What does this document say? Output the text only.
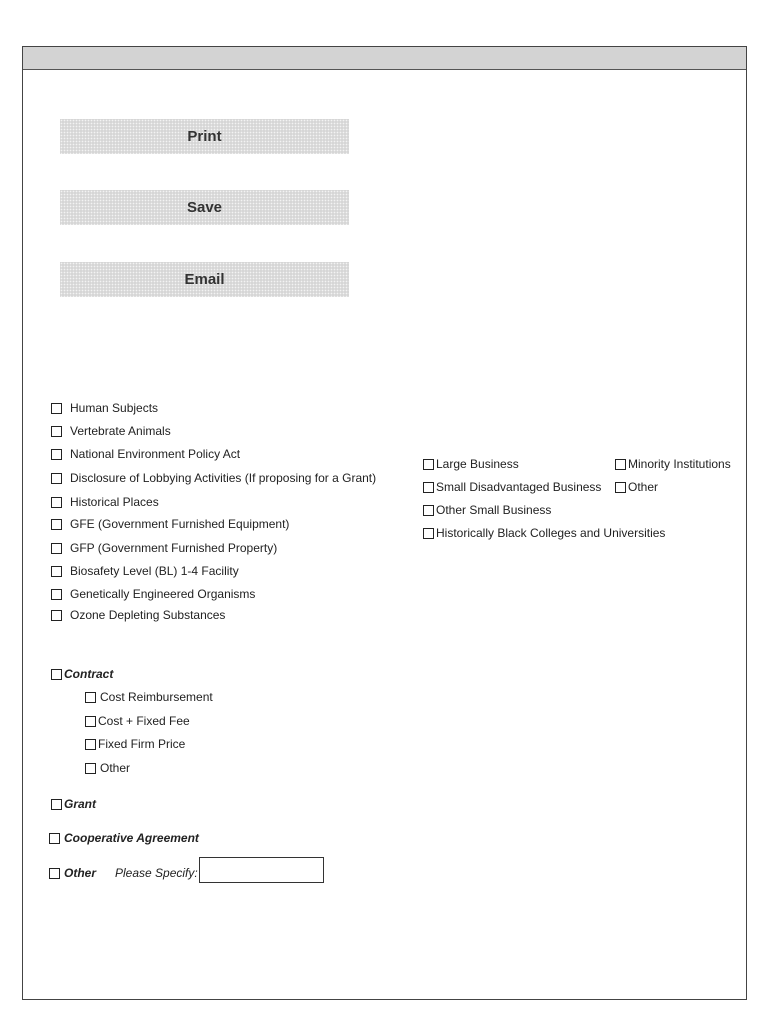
Print
Save
Email
Human Subjects
Vertebrate Animals
National Environment Policy Act
Disclosure of Lobbying Activities (If proposing for a Grant)
Historical Places
GFE (Government Furnished Equipment)
GFP (Government Furnished Property)
Biosafety Level (BL) 1-4 Facility
Genetically Engineered Organisms
Ozone Depleting Substances
Large Business	Minority Institutions
Small Disadvantaged Business Other
Other Small Business
Historically Black Colleges and Universities
Contract
Cost Reimbursement
Cost + Fixed Fee
Fixed Firm Price
Other
Grant
Cooperative Agreement
Other Please Specify:
